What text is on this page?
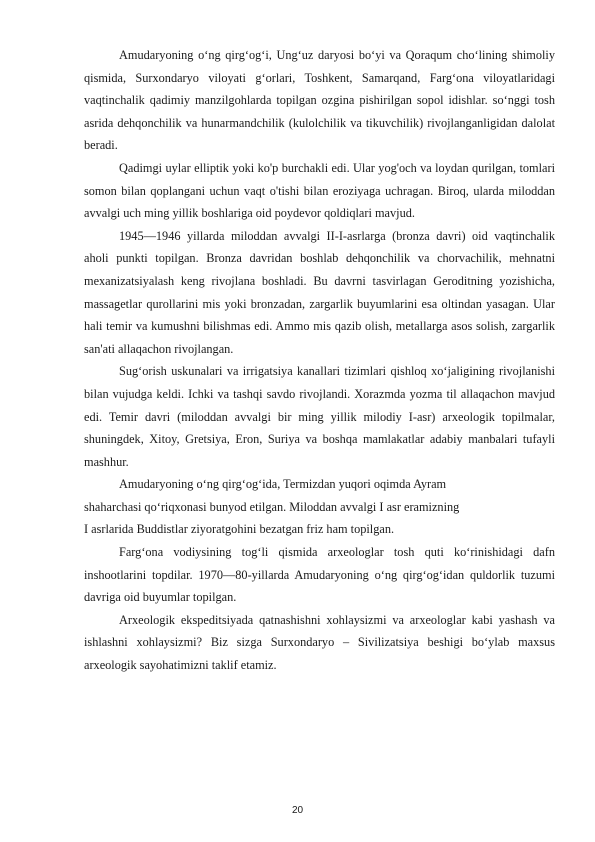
Amudaryoning o‘ng qirg‘og‘i, Ung‘uz daryosi bo‘yi va Qoraqum cho‘lining shimoliy qismida, Surxondaryo viloyati g‘orlari, Toshkent, Samarqand, Farg‘ona viloyatlaridagi vaqtinchalik qadimiy manzilgohlarda topilgan ozgina pishirilgan sopol idishlar. so‘nggi tosh asrida dehqonchilik va hunarmandchilik (kulolchilik va tikuvchilik) rivojlanganligidan dalolat beradi.

Qadimgi uylar elliptik yoki ko'p burchakli edi. Ular yog'och va loydan qurilgan, tomlari somon bilan qoplangani uchun vaqt o'tishi bilan eroziyaga uchragan. Biroq, ularda miloddan avvalgi uch ming yillik boshlariga oid poydevor qoldiqlari mavjud.

1945—1946 yillarda miloddan avvalgi II-I-asrlarga (bronza davri) oid vaqtinchalik aholi punkti topilgan. Bronza davridan boshlab dehqonchilik va chorvachilik, mehnatni mexanizatsiyalash keng rivojlana boshladi. Bu davrni tasvirlagan Geroditning yozishicha, massagetlar qurollarini mis yoki bronzadan, zargarlik buyumlarini esa oltindan yasagan. Ular hali temir va kumushni bilishmas edi. Ammo mis qazib olish, metallarga asos solish, zargarlik san'ati allaqachon rivojlangan.

Sug‘orish uskunalari va irrigatsiya kanallari tizimlari qishloq xo‘jaligining rivojlanishi bilan vujudga keldi. Ichki va tashqi savdo rivojlandi. Xorazmda yozma til allaqachon mavjud edi. Temir davri (miloddan avvalgi bir ming yillik milodiy I-asr) arxeologik topilmalar, shuningdek, Xitoy, Gretsiya, Eron, Suriya va boshqa mamlakatlar adabiy manbalari tufayli mashhur.

Amudaryoning o‘ng qirg‘og‘ida, Termizdan yuqori oqimda Ayram

shaharchasi qo‘riqxonasi bunyod etilgan. Miloddan avvalgi I asr eramizning

I asrlarida Buddistlar ziyoratgohini bezatgan friz ham topilgan.

Farg‘ona vodiysining tog‘li qismida arxeologlar tosh quti ko‘rinishidagi dafn inshootlarini topdilar. 1970—80-yillarda Amudaryoning o‘ng qirg‘og‘idan quldorlik tuzumi davriga oid buyumlar topilgan.

Arxeologik ekspeditsiyada qatnashishni xohlaysizmi va arxeologlar kabi yashash va ishlashni xohlaysizmi? Biz sizga Surxondaryo – Sivilizatsiya beshigi bo‘ylab maxsus arxeologik sayohatimizni taklif etamiz.

20
